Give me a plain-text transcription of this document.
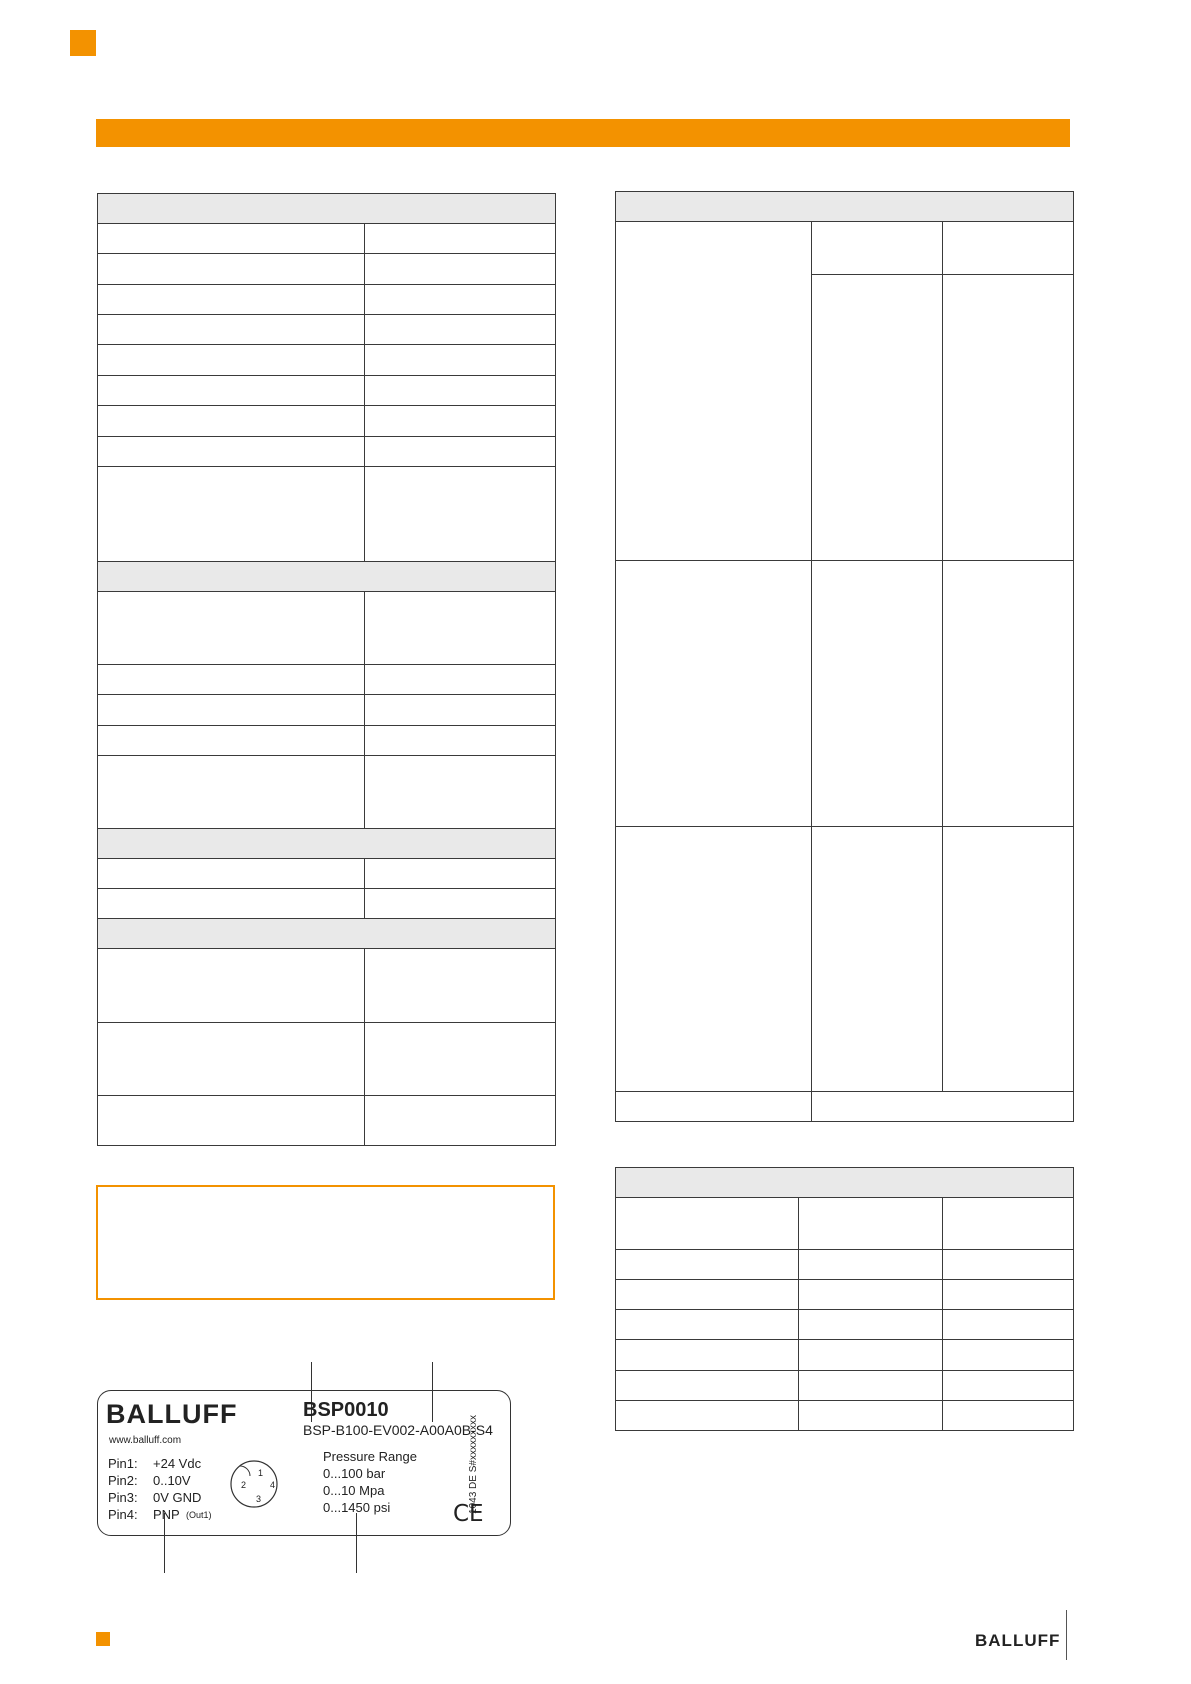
BALLUFF
www.balluff.com
BSP0010
BSP-B100-EV002-A00A0B-S4
Pin1: +24 Vdc
Pin2: 0..10V
Pin3: 0V GND
Pin4: PNP (Out1)
1
2
3
4
Pressure Range
0...100 bar
0...10 Mpa
0...1450 psi	CE
1043 DE S#xxxxxxxxx
BALLUFF
